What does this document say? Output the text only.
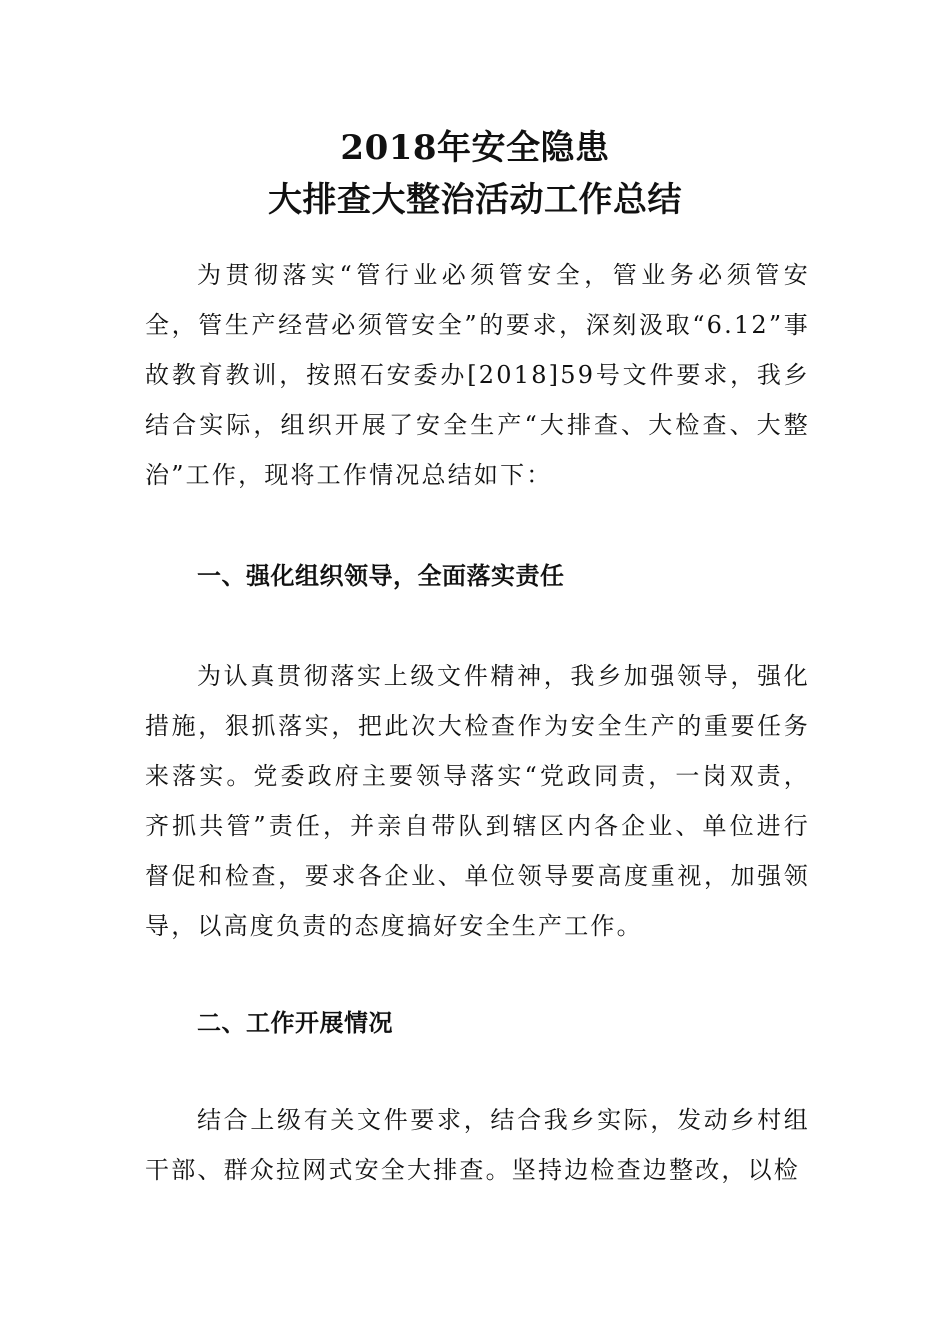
2018年安全隐患
大排查大整治活动工作总结

为贯彻落实“管行业必须管安全，管业务必须管安全，管生产经营必须管安全”的要求，深刻汲取“6.12”事故教育教训，按照石安委办[2018]59号文件要求，我乡结合实际，组织开展了安全生产“大排查、大检查、大整治”工作，现将工作情况总结如下：

一、强化组织领导，全面落实责任

为认真贯彻落实上级文件精神，我乡加强领导，强化措施，狠抓落实，把此次大检查作为安全生产的重要任务来落实。党委政府主要领导落实“党政同责，一岗双责，齐抓共管”责任，并亲自带队到辖区内各企业、单位进行督促和检查，要求各企业、单位领导要高度重视，加强领导，以高度负责的态度搞好安全生产工作。

二、工作开展情况

结合上级有关文件要求，结合我乡实际，发动乡村组干部、群众拉网式安全大排查。坚持边检查边整改，以检
